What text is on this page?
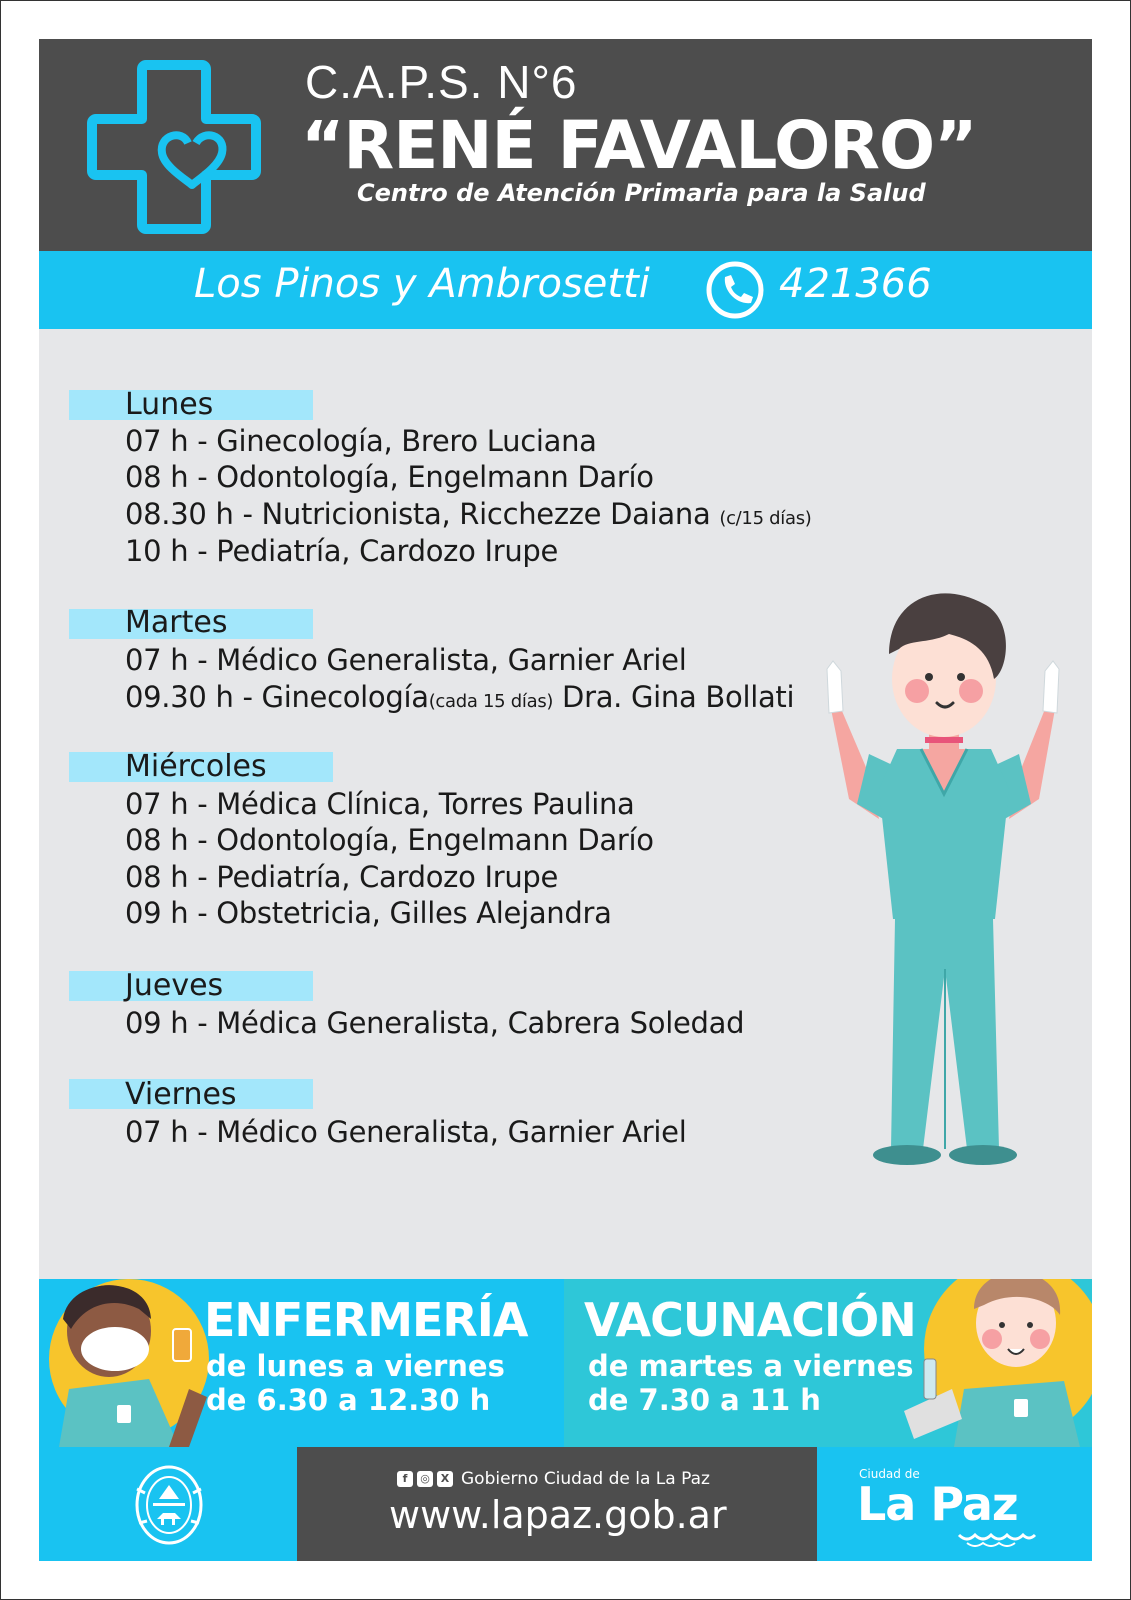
C.A.P.S. N°6
“RENÉ FAVALORO”
Centro de Atención Primaria para la Salud
Los Pinos y Ambrosetti	421366
Lunes
07 h - Ginecología, Brero Luciana
08 h - Odontología, Engelmann Darío
08.30 h - Nutricionista, Ricchezze Daiana (c/15 días)
10 h - Pediatría, Cardozo Irupe
Martes
07 h - Médico Generalista, Garnier Ariel
09.30 h - Ginecología(cada 15 días) Dra. Gina Bollati
Miércoles
07 h - Médica Clínica, Torres Paulina
08 h - Odontología, Engelmann Darío
08 h - Pediatría, Cardozo Irupe
09 h - Obstetricia, Gilles Alejandra
Jueves
09 h - Médica Generalista, Cabrera Soledad
Viernes
07 h - Médico Generalista, Garnier Ariel
ENFERMERÍA
de lunes a viernes
de 6.30 a 12.30 h
VACUNACIÓN
de martes a viernes
de 7.30 a 11 h
f	◎ X Gobierno Ciudad de la La Paz
www.lapaz.gob.ar
Ciudad de
La Paz
